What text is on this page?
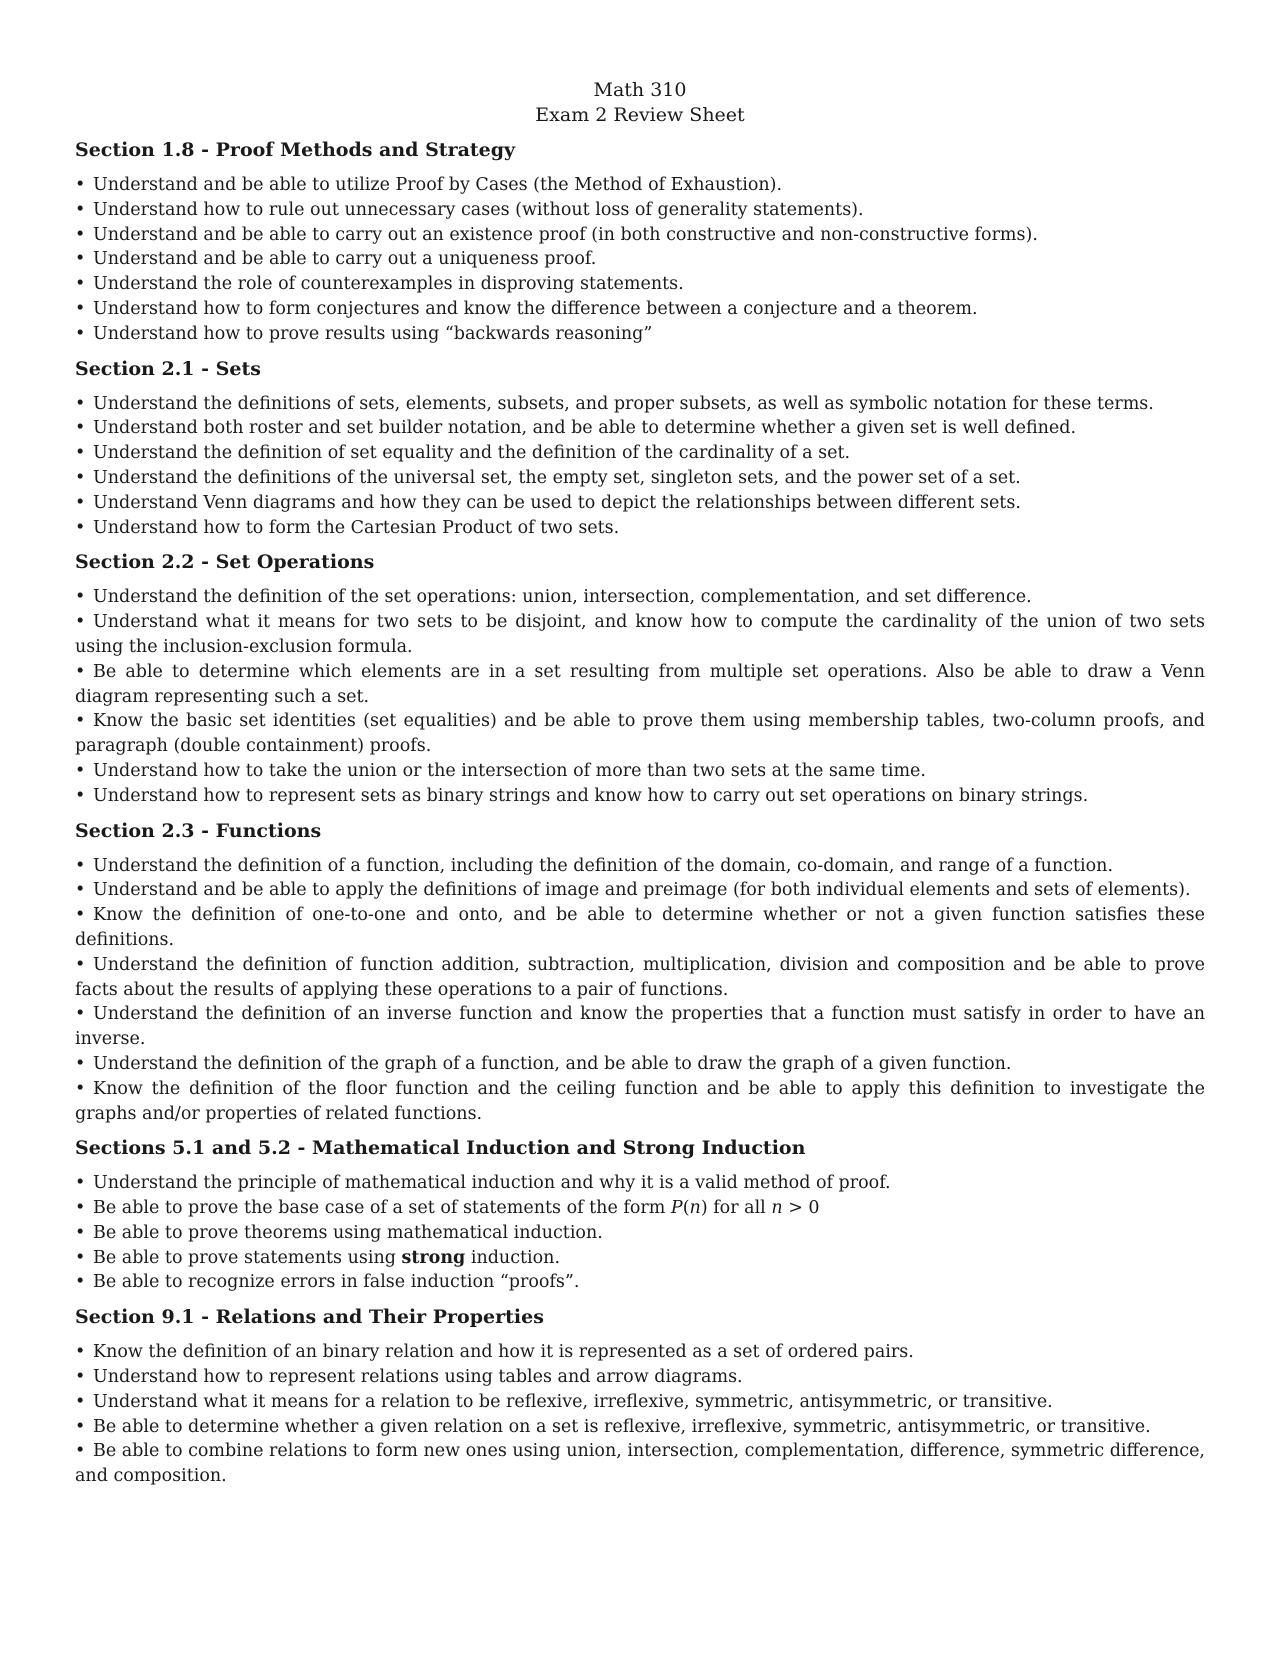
Math 310
Exam 2 Review Sheet
Section 1.8 - Proof Methods and Strategy
• Understand and be able to utilize Proof by Cases (the Method of Exhaustion).
• Understand how to rule out unnecessary cases (without loss of generality statements).
• Understand and be able to carry out an existence proof (in both constructive and non-constructive forms).
• Understand and be able to carry out a uniqueness proof.
• Understand the role of counterexamples in disproving statements.
• Understand how to form conjectures and know the difference between a conjecture and a theorem.
• Understand how to prove results using “backwards reasoning”
Section 2.1 - Sets
• Understand the definitions of sets, elements, subsets, and proper subsets, as well as symbolic notation for these terms.
• Understand both roster and set builder notation, and be able to determine whether a given set is well defined.
• Understand the definition of set equality and the definition of the cardinality of a set.
• Understand the definitions of the universal set, the empty set, singleton sets, and the power set of a set.
• Understand Venn diagrams and how they can be used to depict the relationships between different sets.
• Understand how to form the Cartesian Product of two sets.
Section 2.2 - Set Operations
• Understand the definition of the set operations: union, intersection, complementation, and set difference.
• Understand what it means for two sets to be disjoint, and know how to compute the cardinality of the union of two sets using the inclusion-exclusion formula.
• Be able to determine which elements are in a set resulting from multiple set operations. Also be able to draw a Venn diagram representing such a set.
• Know the basic set identities (set equalities) and be able to prove them using membership tables, two-column proofs, and paragraph (double containment) proofs.
• Understand how to take the union or the intersection of more than two sets at the same time.
• Understand how to represent sets as binary strings and know how to carry out set operations on binary strings.
Section 2.3 - Functions
• Understand the definition of a function, including the definition of the domain, co-domain, and range of a function.
• Understand and be able to apply the definitions of image and preimage (for both individual elements and sets of elements).
• Know the definition of one-to-one and onto, and be able to determine whether or not a given function satisfies these definitions.
• Understand the definition of function addition, subtraction, multiplication, division and composition and be able to prove facts about the results of applying these operations to a pair of functions.
• Understand the definition of an inverse function and know the properties that a function must satisfy in order to have an inverse.
• Understand the definition of the graph of a function, and be able to draw the graph of a given function.
• Know the definition of the floor function and the ceiling function and be able to apply this definition to investigate the graphs and/or properties of related functions.
Sections 5.1 and 5.2 - Mathematical Induction and Strong Induction
• Understand the principle of mathematical induction and why it is a valid method of proof.
• Be able to prove the base case of a set of statements of the form P(n) for all n > 0
• Be able to prove theorems using mathematical induction.
• Be able to prove statements using strong induction.
• Be able to recognize errors in false induction “proofs”.
Section 9.1 - Relations and Their Properties
• Know the definition of an binary relation and how it is represented as a set of ordered pairs.
• Understand how to represent relations using tables and arrow diagrams.
• Understand what it means for a relation to be reflexive, irreflexive, symmetric, antisymmetric, or transitive.
• Be able to determine whether a given relation on a set is reflexive, irreflexive, symmetric, antisymmetric, or transitive.
• Be able to combine relations to form new ones using union, intersection, complementation, difference, symmetric difference, and composition.
